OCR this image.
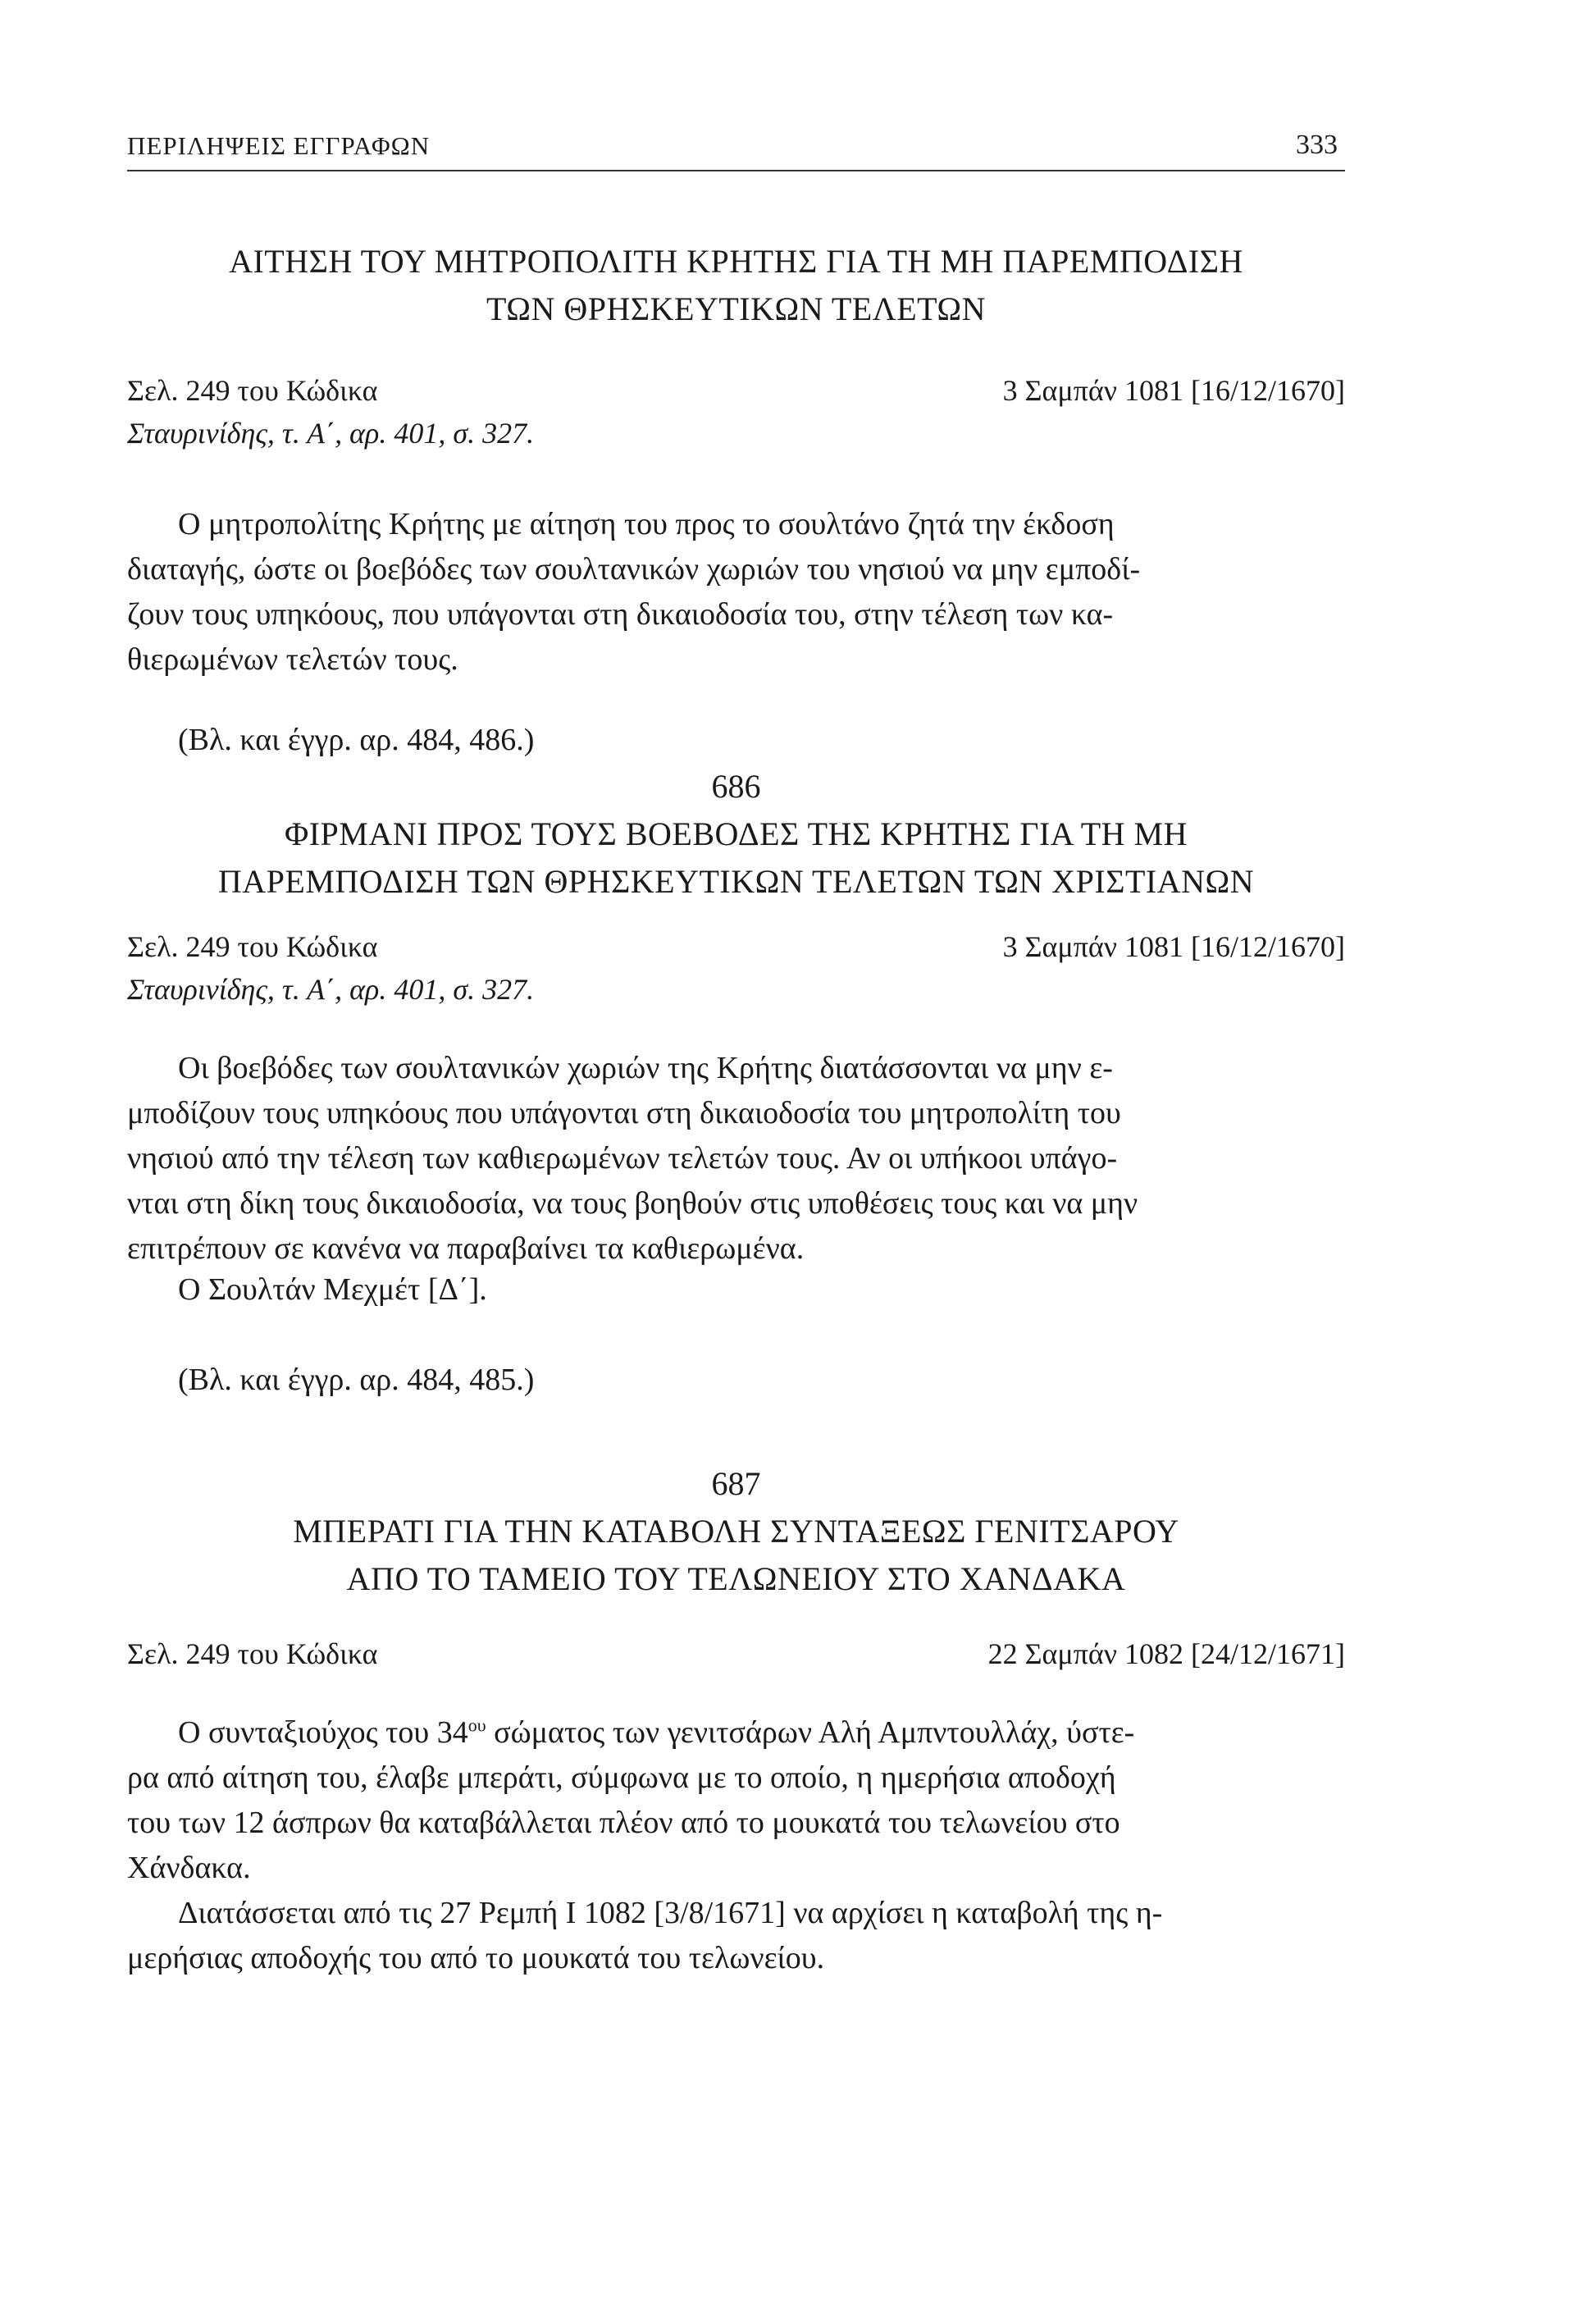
ΠΕΡΙΛΗΨΕΙΣ ΕΓΓΡΑΦΩΝ	333
ΑΙΤΗΣΗ ΤΟΥ ΜΗΤΡΟΠΟΛΙΤΗ ΚΡΗΤΗΣ ΓΙΑ ΤΗ ΜΗ ΠΑΡΕΜΠΟΔΙΣΗ
ΤΩΝ ΘΡΗΣΚΕΥΤΙΚΩΝ ΤΕΛΕΤΩΝ
Σελ. 249 του Κώδικα	3 Σαμπάν 1081 [16/12/1670]
Σταυρινίδης, τ. Α΄, αρ. 401, σ. 327.
Ο μητροπολίτης Κρήτης με αίτηση του προς το σουλτάνο ζητά την έκδοση
διαταγής, ώστε οι βοεβόδες των σουλτανικών χωριών του νησιού να μην εμποδί-
ζουν τους υπηκόους, που υπάγονται στη δικαιοδοσία του, στην τέλεση των κα-
θιερωμένων τελετών τους.
(Βλ. και έγγρ. αρ. 484, 486.)
686
ΦΙΡΜΑΝΙ ΠΡΟΣ ΤΟΥΣ ΒΟΕΒΟΔΕΣ ΤΗΣ ΚΡΗΤΗΣ ΓΙΑ ΤΗ ΜΗ
ΠΑΡΕΜΠΟΔΙΣΗ ΤΩΝ ΘΡΗΣΚΕΥΤΙΚΩΝ ΤΕΛΕΤΩΝ ΤΩΝ ΧΡΙΣΤΙΑΝΩΝ
Σελ. 249 του Κώδικα	3 Σαμπάν 1081 [16/12/1670]
Σταυρινίδης, τ. Α΄, αρ. 401, σ. 327.
Οι βοεβόδες των σουλτανικών χωριών της Κρήτης διατάσσονται να μην ε-
μποδίζουν τους υπηκόους που υπάγονται στη δικαιοδοσία του μητροπολίτη του
νησιού από την τέλεση των καθιερωμένων τελετών τους. Αν οι υπήκοοι υπάγο-
νται στη δίκη τους δικαιοδοσία, να τους βοηθούν στις υποθέσεις τους και να μην
επιτρέπουν σε κανένα να παραβαίνει τα καθιερωμένα.
Ο Σουλτάν Μεχμέτ [Δ΄].
(Βλ. και έγγρ. αρ. 484, 485.)
687
ΜΠΕΡΑΤΙ ΓΙΑ ΤΗΝ ΚΑΤΑΒΟΛΗ ΣΥΝΤΑΞΕΩΣ ΓΕΝΙΤΣΑΡΟΥ
ΑΠΟ ΤΟ ΤΑΜΕΙΟ ΤΟΥ ΤΕΛΩΝΕΙΟΥ ΣΤΟ ΧΑΝΔΑΚΑ
Σελ. 249 του Κώδικα	22 Σαμπάν 1082 [24/12/1671]
Ο συνταξιούχος του $34^{o\upsilon}$ σώματος των γενιτσάρων Αλή Αμπντουλλάχ, ύστε-
ρα από αίτηση του, έλαβε μπεράτι, σύμφωνα με το οποίο, η ημερήσια αποδοχή
του των 12 άσπρων θα καταβάλλεται πλέον από το μουκατά του τελωνείου στο
Χάνδακα.
Διατάσσεται από τις 27 Ρεμπή Ι 1082 [3/8/1671] να αρχίσει η καταβολή της η-
μερήσιας αποδοχής του από το μουκατά του τελωνείου.
